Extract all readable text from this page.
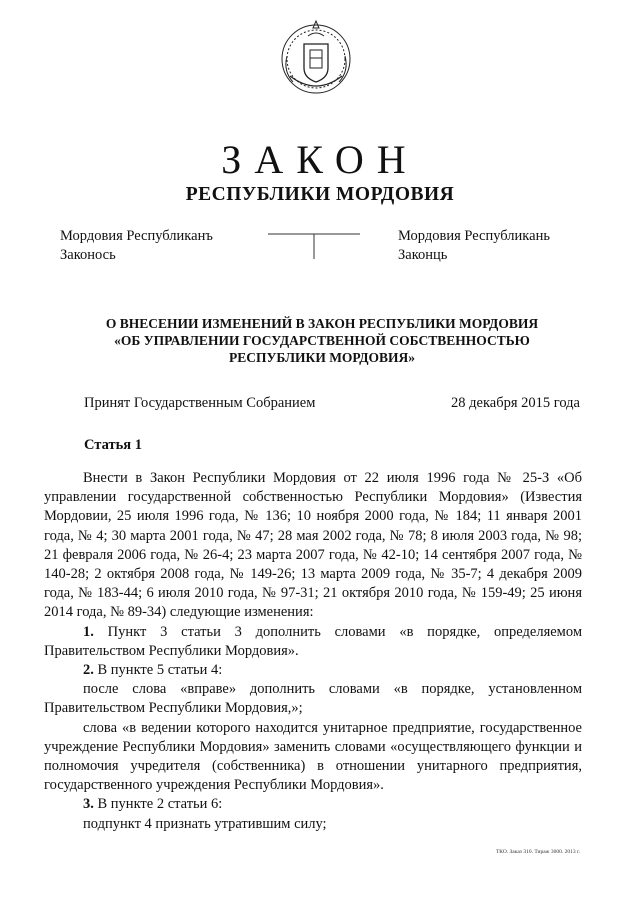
ЗАКОН
РЕСПУБЛИКИ МОРДОВИЯ
Мордовия Республиканъ
Законось
Мордовия Республикань
Законць
О ВНЕСЕНИИ ИЗМЕНЕНИЙ В ЗАКОН РЕСПУБЛИКИ МОРДОВИЯ
«ОБ УПРАВЛЕНИИ ГОСУДАРСТВЕННОЙ СОБСТВЕННОСТЬЮ
РЕСПУБЛИКИ МОРДОВИЯ»
Принят Государственным Собранием	28 декабря 2015 года
Статья 1

Внести в Закон Республики Мордовия от 22 июля 1996 года № 25-З «Об управлении государственной собственностью Республики Мордовия» (Известия Мордовии, 25 июля 1996 года, № 136; 10 ноября 2000 года, № 184; 11 января 2001 года, № 4; 30 марта 2001 года, № 47; 28 мая 2002 года, № 78; 8 июля 2003 года, № 98; 21 февраля 2006 года, № 26-4; 23 марта 2007 года, № 42-10; 14 сентября 2007 года, № 140-28; 2 октября 2008 года, № 149-26; 13 марта 2009 года, № 35-7; 4 декабря 2009 года, № 183-44; 6 июля 2010 года, № 97-31; 21 октября 2010 года, № 159-49; 25 июня 2014 года, № 89-34) следующие изменения:

1. Пункт 3 статьи 3 дополнить словами «в порядке, определяемом Правительством Республики Мордовия».

2. В пункте 5 статьи 4:

после слова «вправе» дополнить словами «в порядке, установленном Правительством Республики Мордовия,»;

слова «в ведении которого находится унитарное предприятие, государственное учреждение Республики Мордовия» заменить словами «осуществляющего функции и полномочия учредителя (собственника) в отношении унитарного предприятия, государственного учреждения Республики Мордовия».

3. В пункте 2 статьи 6:

подпункт 4 признать утратившим силу;

ТКО. Заказ 310. Тираж 3000. 2013 г.
